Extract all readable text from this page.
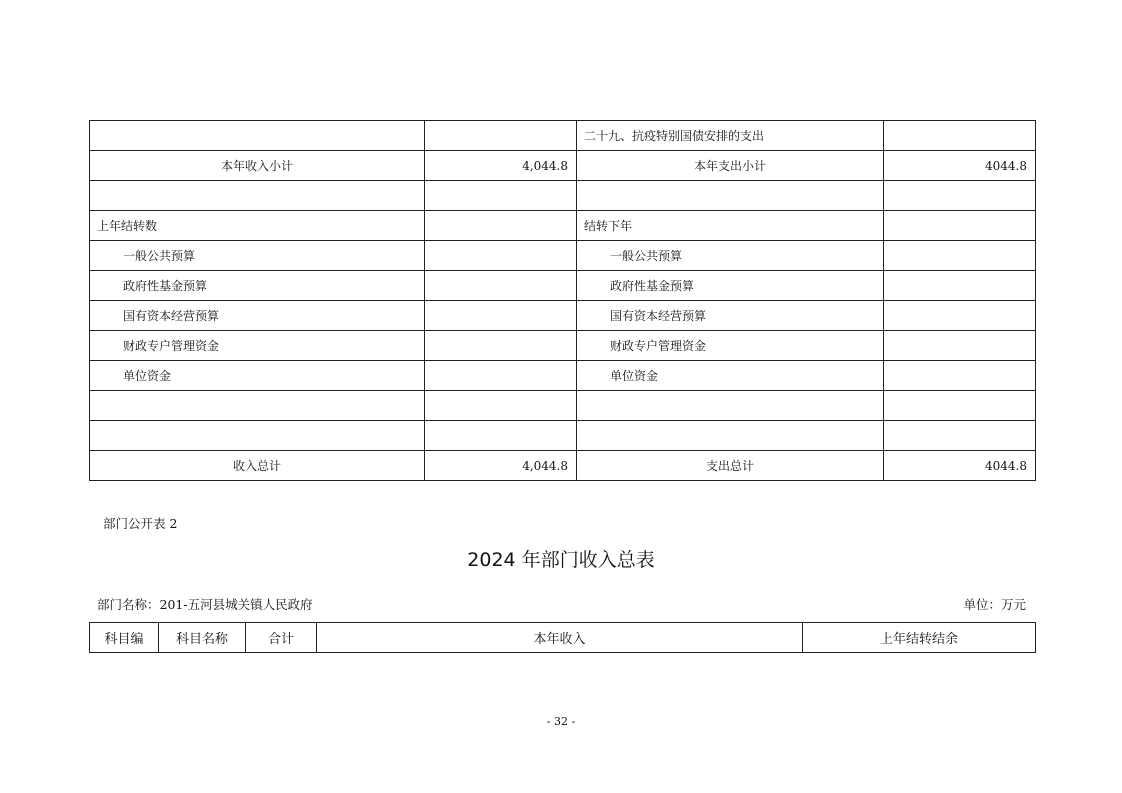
		二十九、抗疫特别国债安排的支出	
本年收入小计	4,044.8	本年支出小计	4044.8

上年结转数		结转下年	
一般公共预算		一般公共预算	
政府性基金预算		政府性基金预算	
国有资本经营预算		国有资本经营预算	
财政专户管理资金		财政专户管理资金	
单位资金		单位资金	

收入总计	4,044.8	支出总计	4044.8
部门公开表 2
2024 年部门收入总表
部门名称：201-五河县城关镇人民政府	单位：万元
科目编	科目名称	合计	本年收入	上年结转结余
- 32 -
